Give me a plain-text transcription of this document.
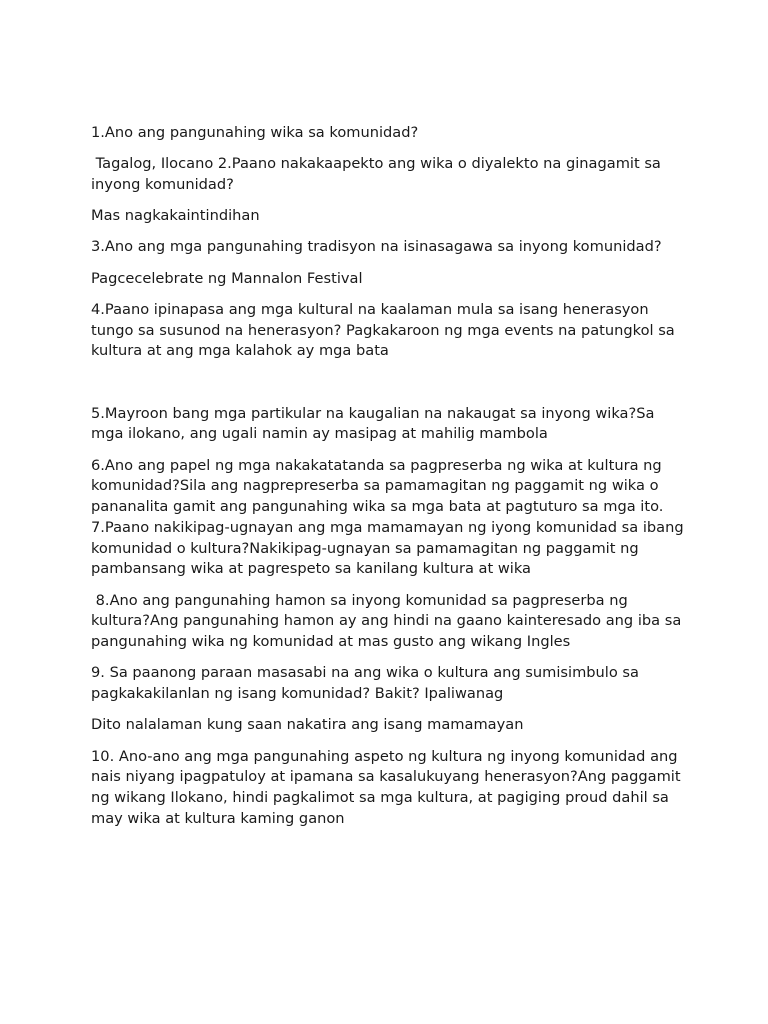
1.Ano ang pangunahing wika sa komunidad?

Tagalog, Ilocano 2.Paano nakakaapekto ang wika o diyalekto na ginagamit sa inyong komunidad?

Mas nagkakaintindihan

3.Ano ang mga pangunahing tradisyon na isinasagawa sa inyong komunidad?

Pagcecelebrate ng Mannalon Festival

4.Paano ipinapasa ang mga kultural na kaalaman mula sa isang henerasyon tungo sa susunod na henerasyon? Pagkakaroon ng mga events na patungkol sa kultura at ang mga kalahok ay mga bata

5.Mayroon bang mga partikular na kaugalian na nakaugat sa inyong wika?Sa mga ilokano, ang ugali namin ay masipag at mahilig mambola

6.Ano ang papel ng mga nakakatatanda sa pagpreserba ng wika at kultura ng komunidad?Sila ang nagprepreserba sa pamamagitan ng paggamit ng wika o pananalita gamit ang pangunahing wika sa mga bata at pagtuturo sa mga ito. 7.Paano nakikipag-ugnayan ang mga mamamayan ng iyong komunidad sa ibang komunidad o kultura?Nakikipag-ugnayan sa pamamagitan ng paggamit ng pambansang wika at pagrespeto sa kanilang kultura at wika

8.Ano ang pangunahing hamon sa inyong komunidad sa pagpreserba ng kultura?Ang pangunahing hamon ay ang hindi na gaano kainteresado ang iba sa pangunahing wika ng komunidad at mas gusto ang wikang Ingles

9. Sa paanong paraan masasabi na ang wika o kultura ang sumisimbulo sa pagkakakilanlan ng isang komunidad? Bakit? Ipaliwanag

Dito nalalaman kung saan nakatira ang isang mamamayan

10. Ano-ano ang mga pangunahing aspeto ng kultura ng inyong komunidad ang nais niyang ipagpatuloy at ipamana sa kasalukuyang henerasyon?Ang paggamit ng wikang Ilokano, hindi pagkalimot sa mga kultura, at pagiging proud dahil sa may wika at kultura kaming ganon
